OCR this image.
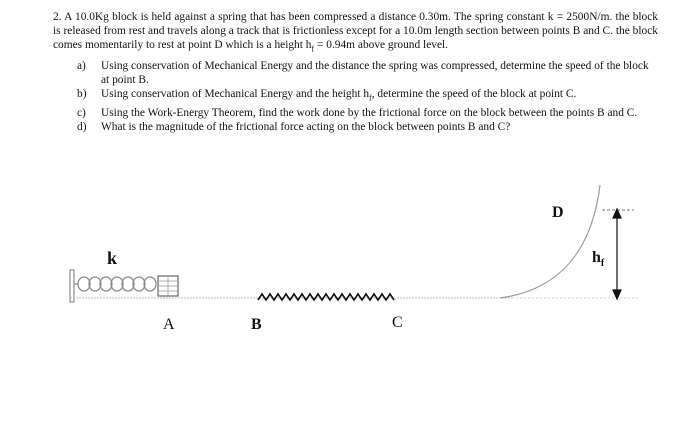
2. A 10.0Kg block is held against a spring that has been compressed a distance 0.30m. The spring constant k = 2500N/m. the block is released from rest and travels along a track that is frictionless except for a 10.0m length section between points B and C. the block comes momentarily to rest at point D which is a height $h_f = 0.94m$ above ground level.

a)	Using conservation of Mechanical Energy and the distance the spring was compressed, determine the speed of the block at point B.
b)	Using conservation of Mechanical Energy and the height $h_f$, determine the speed of the block at point C.
c)	Using the Work-Energy Theorem, find the work done by the frictional force on the block between the points B and C.
d)	What is the magnitude of the frictional force acting on the block between points B and C?
k
A	B	C
D
$h_f$
